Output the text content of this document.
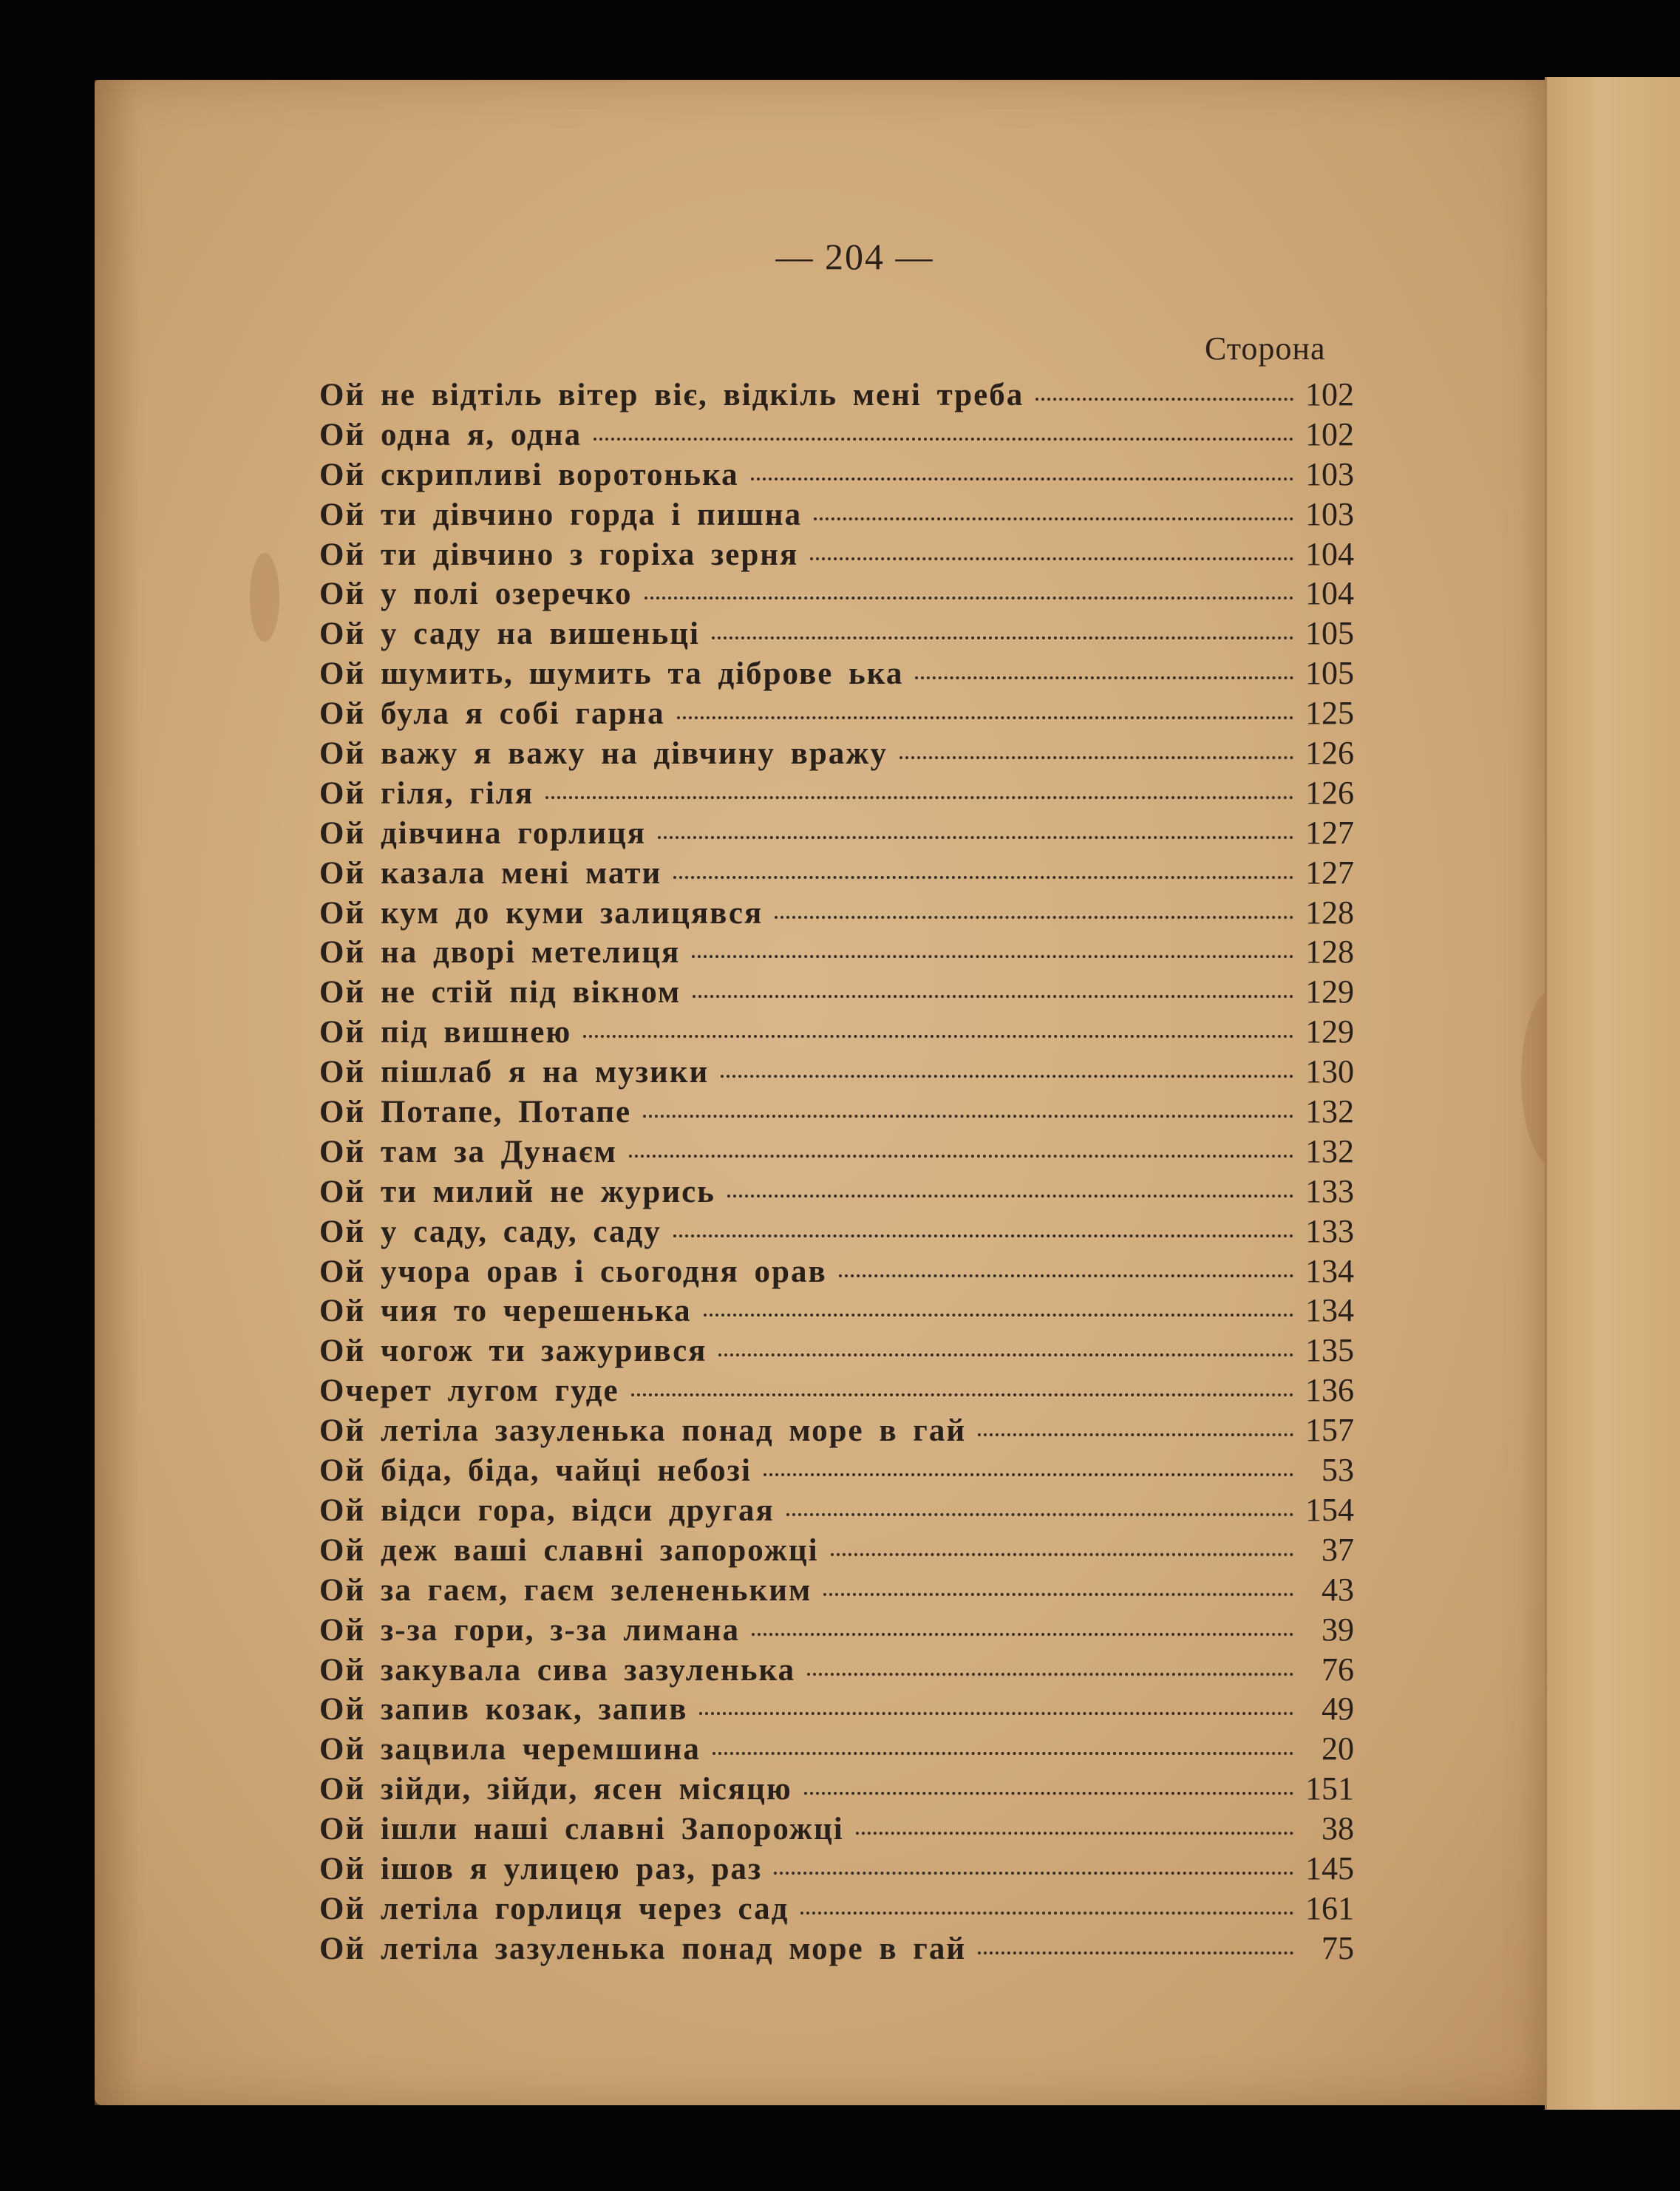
— 204 —
Сторона
Ой не відтіль вітер віє, відкіль мені треба	102
Ой одна я, одна	102
Ой скрипливі воротонька	103
Ой ти дівчино горда і пишна	103
Ой ти дівчино з горіха зерня	104
Ой у полі озеречко	104
Ой у саду на вишеньці	105
Ой шумить, шумить та діброве ька	105
Ой була я собі гарна	125
Ой важу я важу на дівчину вражу	126
Ой гіля, гіля	126
Ой дівчина горлиця	127
Ой казала мені мати	127
Ой кум до куми залицявся	128
Ой на дворі метелиця	128
Ой не стій під вікном	129
Ой під вишнею	129
Ой пішлаб я на музики	130
Ой Потапе, Потапе	132
Ой там за Дунаєм	132
Ой ти милий не журись	133
Ой у саду, саду, саду	133
Ой учора орав і сьогодня орав	134
Ой чия то черешенька	134
Ой чогож ти зажурився	135
Очерет лугом гуде	136
Ой летіла зазуленька понад море в гай	157
Ой біда, біда, чайці небозі	53
Ой відси гора, відси другая	154
Ой деж ваші славні запорожці	37
Ой за гаєм, гаєм зелененьким	43
Ой з-за гори, з-за лимана	39
Ой закувала сива зазуленька	76
Ой запив козак, запив	49
Ой зацвила черемшина	20
Ой зійди, зійди, ясен місяцю	151
Ой ішли наші славні Запорожці	38
Ой ішов я улицею раз, раз	145
Ой летіла горлиця через сад	161
Ой летіла зазуленька понад море в гай	75
